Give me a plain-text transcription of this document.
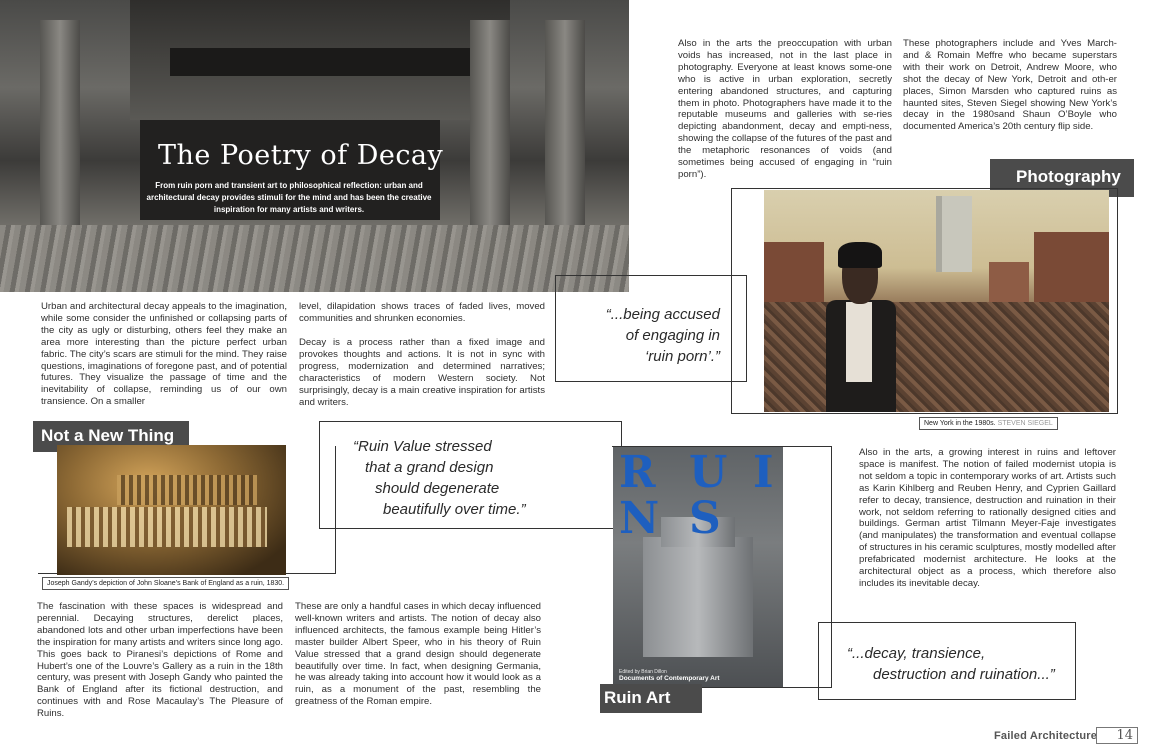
The Poetry of Decay
From ruin porn and transient art to philosophical reflection: urban and architectural decay provides stimuli for the mind and has been the creative inspiration for many artists and writers.
Urban and architectural decay appeals to the imagination, while some consider the unfinished or collapsing parts of the city as ugly or disturbing, others feel they make an area more interesting than the picture perfect urban fabric. The city’s scars are stimuli for the mind. They raise questions, imaginations of foregone past, and of potential futures. They visualize the passage of time and the inevitability of collapse, reminding us of our own transience. On a smaller
level, dilapidation shows traces of faded lives, moved communities and shrunken economies.
Decay is a process rather than a fixed image and provokes thoughts and actions. It is not in sync with progress, modernization and determined narratives; characteristics of modern Western society. Not surprisingly, decay is a main creative inspiration for artists and writers.
Also in the arts the preoccupation with urban voids has increased, not in the last place in photography. Everyone at least knows some-one who is active in urban exploration, secretly entering abandoned structures, and capturing them in photo. Photographers have made it to the reputable museums and galleries with se-ries depicting abandonment, decay and empti-ness, showing the collapse of the futures of the past and the metaphoric resonances of voids (and sometimes being accused of engaging in “ruin porn”).
These photographers include and Yves March-and & Romain Meffre who became superstars with their work on Detroit, Andrew Moore, who shot the decay of New York, Detroit and oth-er places, Simon Marsden who captured ruins as haunted sites, Steven Siegel showing New York’s decay in the 1980sand Shaun O’Boyle who documented America’s 20th century flip side.
Photography
New York in the 1980s. STEVEN SIEGEL
“...being accused
of engaging in
‘ruin porn’.”
Not a New Thing
Joseph Gandy’s depiction of John Sloane’s Bank of England as a ruin, 1830.
“Ruin Value stressed
that a grand design
should degenerate
beautifully over time.”
The fascination with these spaces is widespread and perennial. Decaying structures, derelict places, abandoned lots and other urban imperfections have been the inspiration for many artists and writers since long ago. This goes back to Piranesi’s depictions of Rome and Hubert’s one of the Louvre’s Gallery as a ruin in the 18th century, was present with Joseph Gandy who painted the Bank of England after its fictional destruction, and continues with and Rose Macaulay’s The Pleasure of Ruins.
These are only a handful cases in which decay influenced well-known writers and artists. The notion of decay also influenced architects, the famous example being Hitler’s master builder Albert Speer, who in his theory of Ruin Value stressed that a grand design should degenerate beautifully over time. In fact, when designing Germania, he was already taking into account how it would look as a ruin, as a monument of the past, resembling the greatness of the Roman empire.
R U I
N S
Edited by Brian Dillon
Documents of Contemporary Art
Also in the arts, a growing interest in ruins and leftover space is manifest. The notion of failed modernist utopia is not seldom a topic in contemporary works of art. Artists such as Karin Kihlberg and Reuben Henry, and Cyprien Gaillard refer to decay, transience, destruction and ruination in their work, not seldom referring to rationally designed cities and buildings. German artist Tilmann Meyer-Faje investigates (and manipulates) the transformation and eventual collapse of structures in his ceramic sculptures, mostly modelled after prefabricated modernist architecture. He looks at the architectural object as a process, which therefore also includes its inevitable decay.
“...decay, transience,
destruction and ruination...”
Ruin Art
Failed Architecture	14
